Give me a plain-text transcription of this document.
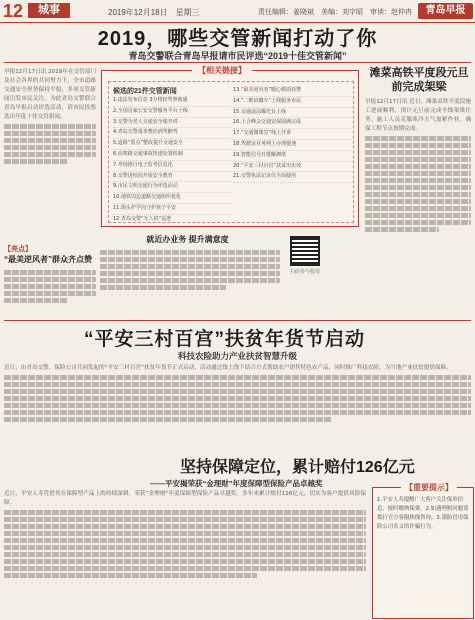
12	城事	2019年12月18日　星期三	责任编辑：姜晓斌　美编：刘宇昭　审读：赵仲冉	青岛早报
2019，哪些交管新闻打动了你
青岛交警联合青岛早报请市民评选“2019十佳交管新闻”
早报12月17日讯 2019年在交管部门及社会各界的共同努力下，全市道路交通安全形势保持平稳，多项交管新闻引发市民关注。为此青岛交警联合青岛早报启动评选活动，请市民投票选出年度十佳交管新闻。
【亮点】
“最美逆风者”群众齐点赞
【相关链接】
候选的21件交管新闻
1.违法发布信息 3分将扣驾照被通
2.全国首家公安交警服务平台上线
3.交警为老人交通安全课开讲
4.青岛交警重拳整治酒驾醉驾
5.道路“黑点”整改提升交通安全
6.高架路交通事故快速处置机制
7.考场推行电子监考信息化
8.交警进校园开展安全教育
9.市民文明交通行为评选活动
10.地铁周边道路交通组织优化
11.街头护学岗守护孩子平安
12.青岛交警“无人机”巡逻
13.“最美逆风者”暖心救助获赞
14.“二维码挪车”上线服务市民
15.交通违法曝光台上线
16.上合峰会交通安保圆满完成
17.“交通微课堂”线上开讲
18.驾驶证业务网上办理提速
19.智能信号灯缓解拥堵
20.“平安三村百宫”扶贫出实效
21.交警执法记录仪全面使用
滩菜高铁平度段元旦前完成架梁
早报12月17日讯 近日，滩菜高铁平度段施工进展顺利，预计元旦前完成全线架梁任务。施工人员克服寒冷天气加紧作业，确保工程节点按期完成。
就近办业务 提升满意度
扫码参与投票
“平安三村百宫”扶贫年货节启动
科技农险助力产业扶贫智慧升级
近日，由青岛交警、保险公司共同发起的“平安三村百宫”扶贫年货节正式启动，活动通过线上线下结合方式帮助农户销售特色农产品，同时推广科技农险，为当地产业扶贫提供保障。
坚持保障定位，累计赔付126亿元
——平安揭荣获“金理财”年度保障型保险产品卓越奖
近日，平安人寿凭借其在保障型产品上的持续深耕，荣获“金理财”年度保障型保险产品卓越奖。多年来累计赔付126亿元，切实为客户提供风险保障。
【重要提示】
1.平安人寿提醒广大客户关注保单信息，按时缴纳保费。2.如遇理赔问题请拨打官方客服热线咨询。3.谨防冒用保险公司名义的诈骗行为。
